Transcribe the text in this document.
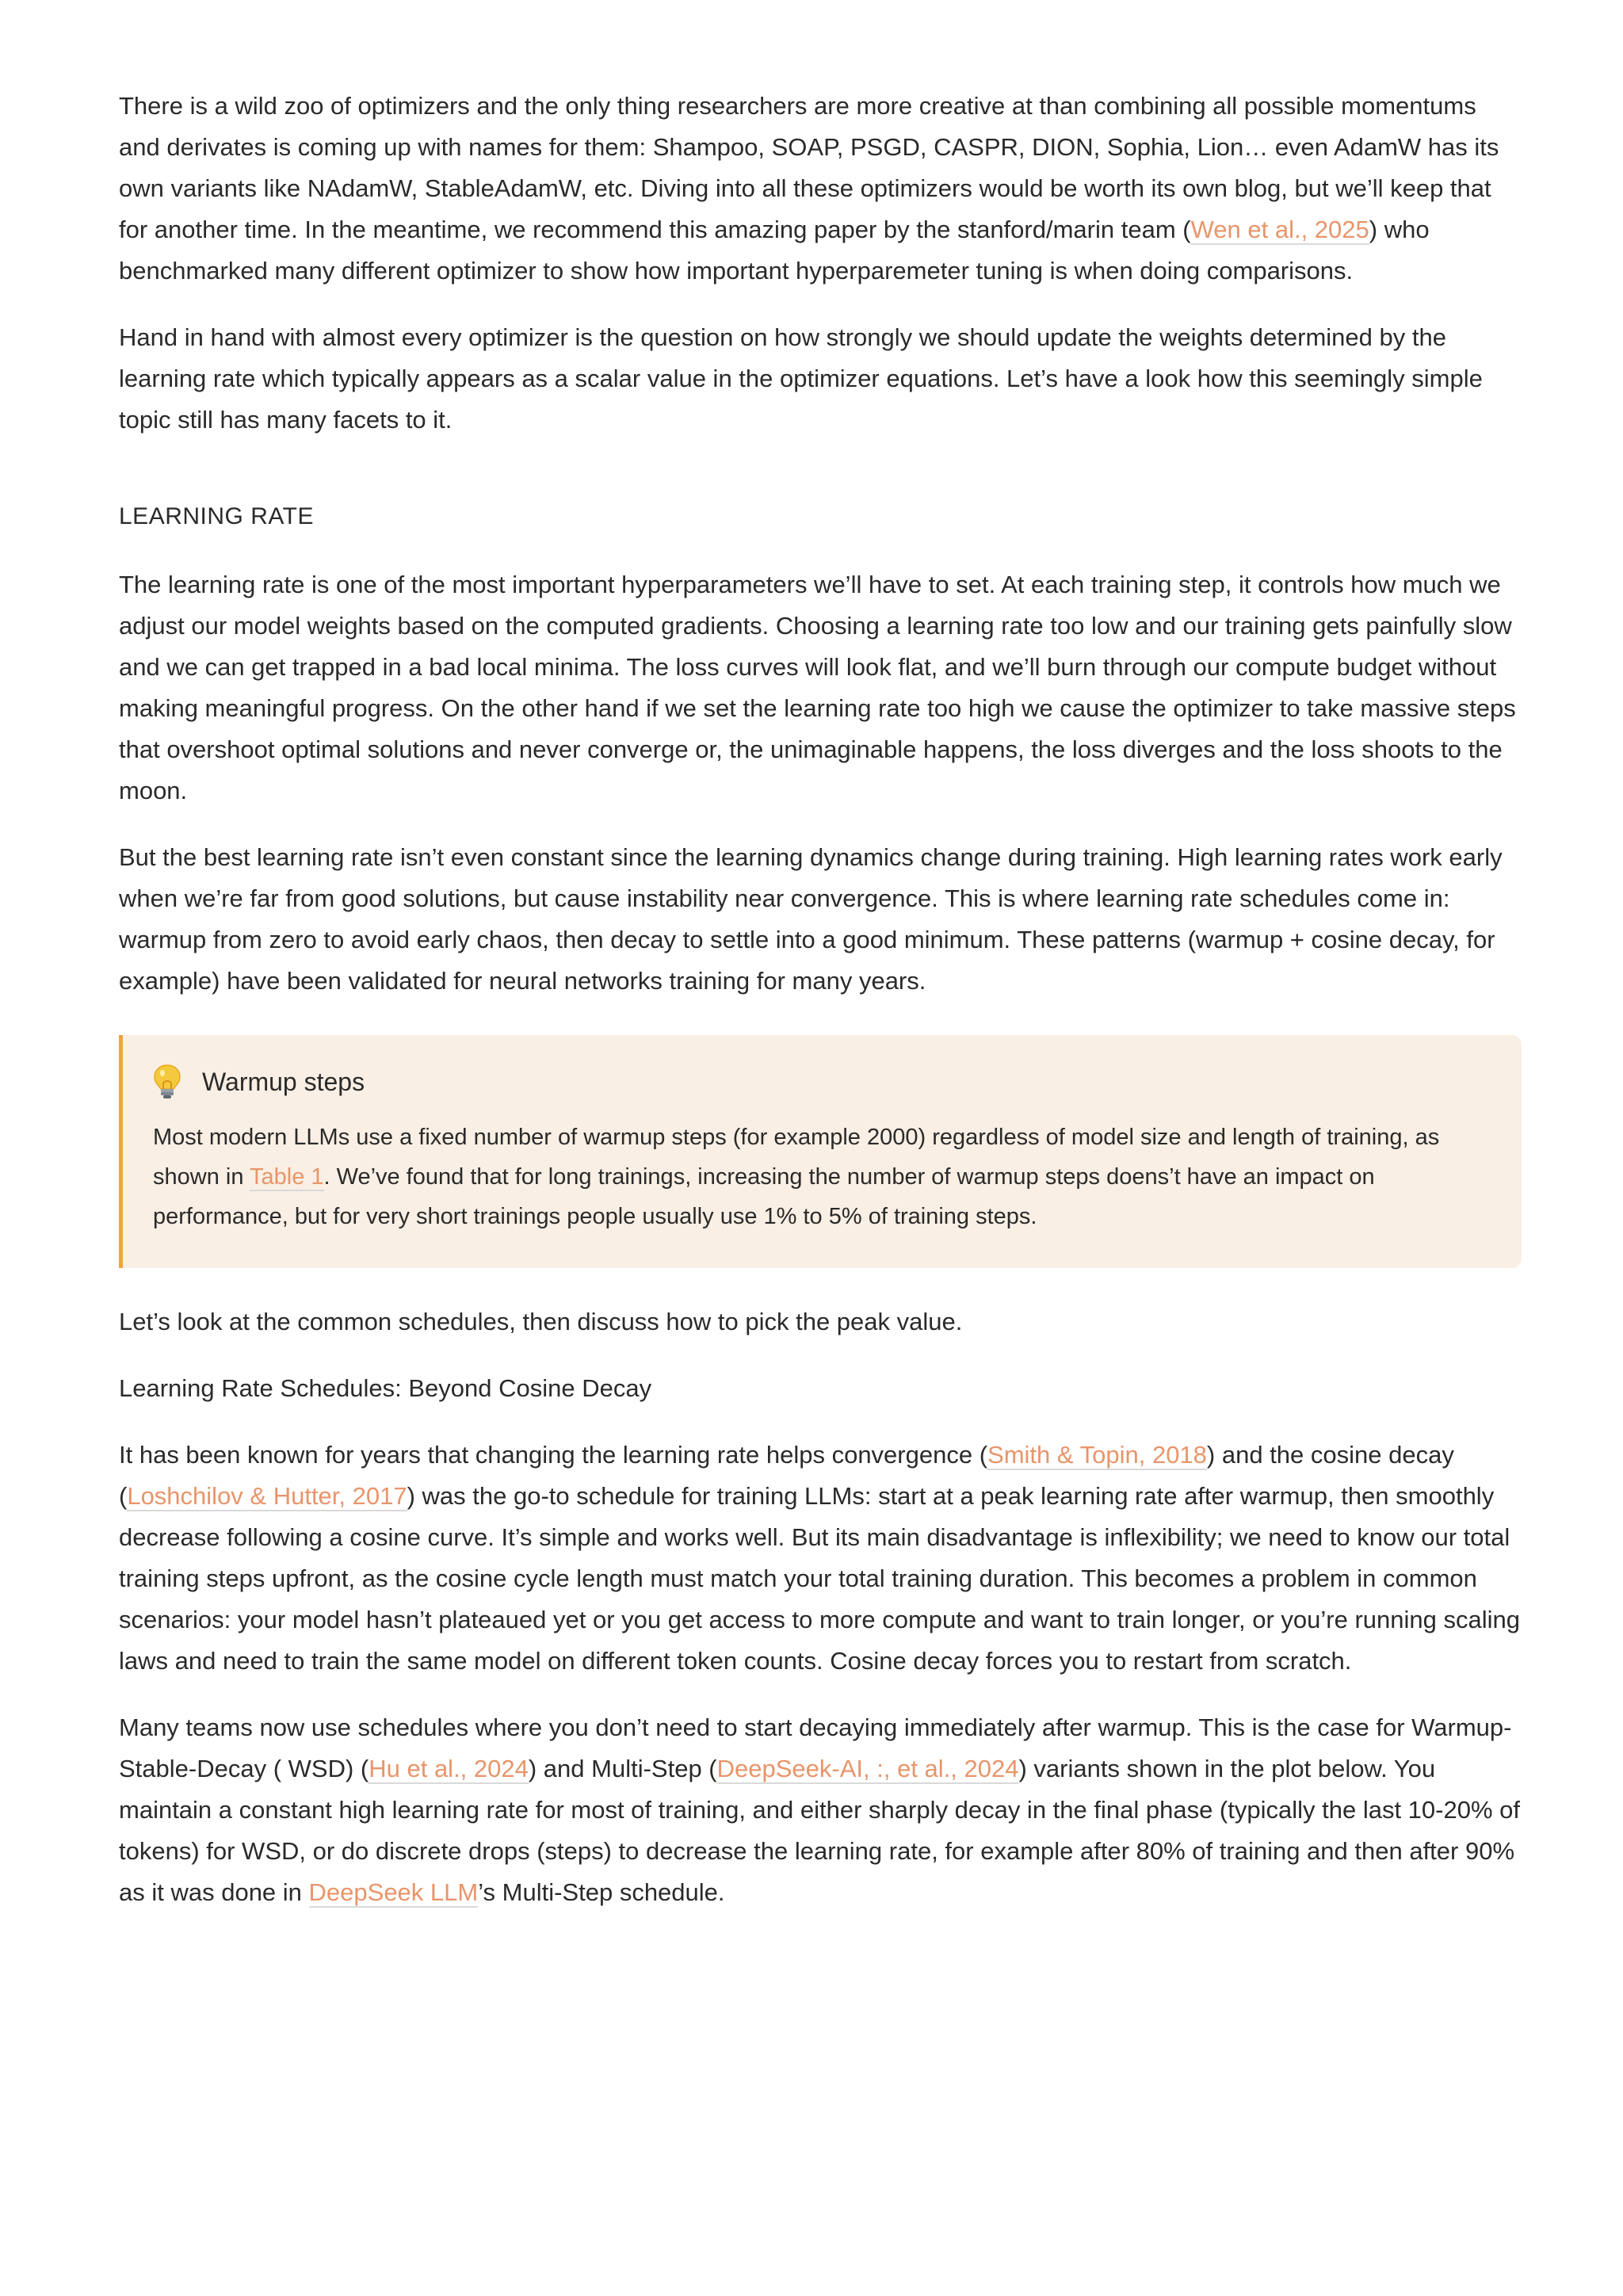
There is a wild zoo of optimizers and the only thing researchers are more creative at than combining all possible momentums and derivates is coming up with names for them: Shampoo, SOAP, PSGD, CASPR, DION, Sophia, Lion… even AdamW has its own variants like NAdamW, StableAdamW, etc. Diving into all these optimizers would be worth its own blog, but we’ll keep that for another time. In the meantime, we recommend this amazing paper by the stanford/marin team (Wen et al., 2025) who benchmarked many different optimizer to show how important hyperparemeter tuning is when doing comparisons.

Hand in hand with almost every optimizer is the question on how strongly we should update the weights determined by the learning rate which typically appears as a scalar value in the optimizer equations. Let’s have a look how this seemingly simple topic still has many facets to it.

LEARNING RATE

The learning rate is one of the most important hyperparameters we’ll have to set. At each training step, it controls how much we adjust our model weights based on the computed gradients. Choosing a learning rate too low and our training gets painfully slow and we can get trapped in a bad local minima. The loss curves will look flat, and we’ll burn through our compute budget without making meaningful progress. On the other hand if we set the learning rate too high we cause the optimizer to take massive steps that overshoot optimal solutions and never converge or, the unimaginable happens, the loss diverges and the loss shoots to the moon.

But the best learning rate isn’t even constant since the learning dynamics change during training. High learning rates work early when we’re far from good solutions, but cause instability near convergence. This is where learning rate schedules come in: warmup from zero to avoid early chaos, then decay to settle into a good minimum. These patterns (warmup + cosine decay, for example) have been validated for neural networks training for many years.

Warmup steps

Most modern LLMs use a fixed number of warmup steps (for example 2000) regardless of model size and length of training, as shown in Table 1. We’ve found that for long trainings, increasing the number of warmup steps doens’t have an impact on performance, but for very short trainings people usually use 1% to 5% of training steps.

Let’s look at the common schedules, then discuss how to pick the peak value.

Learning Rate Schedules: Beyond Cosine Decay

It has been known for years that changing the learning rate helps convergence (Smith & Topin, 2018) and the cosine decay (Loshchilov & Hutter, 2017) was the go-to schedule for training LLMs: start at a peak learning rate after warmup, then smoothly decrease following a cosine curve. It’s simple and works well. But its main disadvantage is inflexibility; we need to know our total training steps upfront, as the cosine cycle length must match your total training duration. This becomes a problem in common scenarios: your model hasn’t plateaued yet or you get access to more compute and want to train longer, or you’re running scaling laws and need to train the same model on different token counts. Cosine decay forces you to restart from scratch.

Many teams now use schedules where you don’t need to start decaying immediately after warmup. This is the case for Warmup-Stable-Decay ( WSD) (Hu et al., 2024) and Multi-Step (DeepSeek-AI, :, et al., 2024) variants shown in the plot below. You maintain a constant high learning rate for most of training, and either sharply decay in the final phase (typically the last 10-20% of tokens) for WSD, or do discrete drops (steps) to decrease the learning rate, for example after 80% of training and then after 90% as it was done in DeepSeek LLM’s Multi-Step schedule.
